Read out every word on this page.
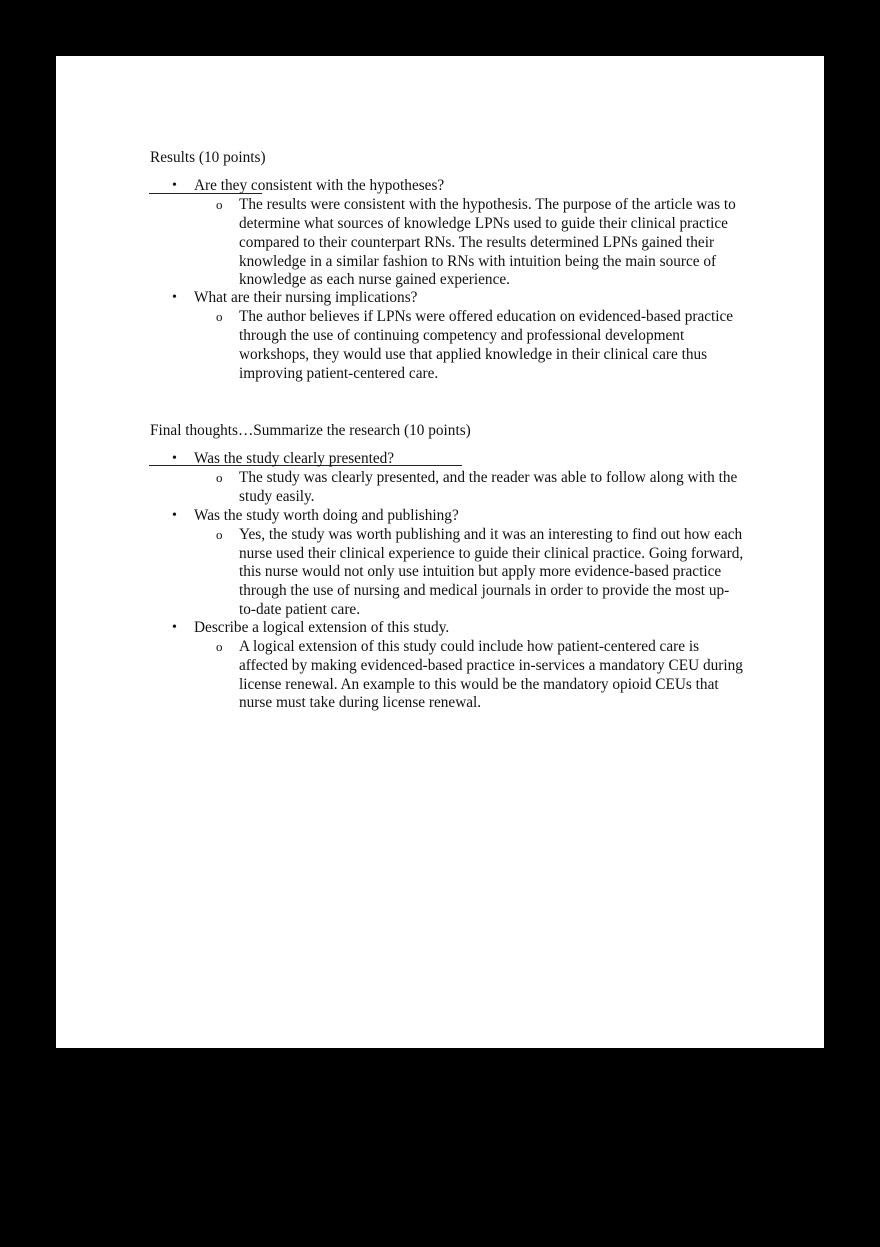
Results (10 points)
• Are they consistent with the hypotheses?
o The results were consistent with the hypothesis. The purpose of the article was to
determine what sources of knowledge LPNs used to guide their clinical practice
compared to their counterpart RNs. The results determined LPNs gained their
knowledge in a similar fashion to RNs with intuition being the main source of
knowledge as each nurse gained experience.
• What are their nursing implications?
o The author believes if LPNs were offered education on evidenced-based practice
through the use of continuing competency and professional development
workshops, they would use that applied knowledge in their clinical care thus
improving patient-centered care.
Final thoughts…Summarize the research (10 points)
• Was the study clearly presented?
o The study was clearly presented, and the reader was able to follow along with the
study easily.
• Was the study worth doing and publishing?
o Yes, the study was worth publishing and it was an interesting to find out how each
nurse used their clinical experience to guide their clinical practice. Going forward,
this nurse would not only use intuition but apply more evidence-based practice
through the use of nursing and medical journals in order to provide the most up-
to-date patient care.
• Describe a logical extension of this study.
o A logical extension of this study could include how patient-centered care is
affected by making evidenced-based practice in-services a mandatory CEU during
license renewal. An example to this would be the mandatory opioid CEUs that
nurse must take during license renewal.
